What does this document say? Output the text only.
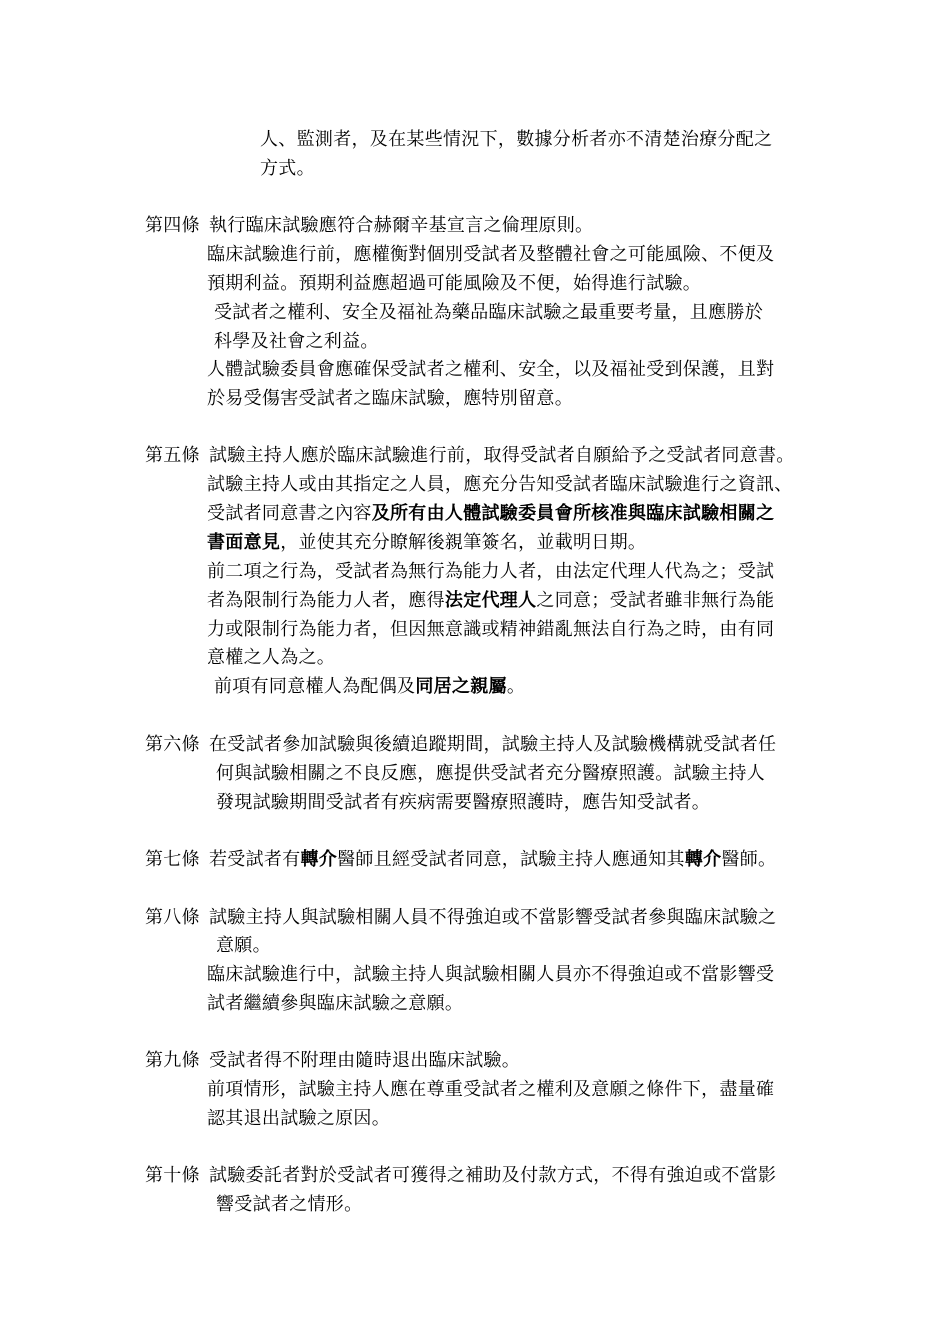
人、監測者，及在某些情況下，數據分析者亦不清楚治療分配之
方式。
第四條 執行臨床試驗應符合赫爾辛基宣言之倫理原則。
臨床試驗進行前，應權衡對個別受試者及整體社會之可能風險、不便及
預期利益。預期利益應超過可能風險及不便，始得進行試驗。
受試者之權利、安全及福祉為藥品臨床試驗之最重要考量，且應勝於
科學及社會之利益。
人體試驗委員會應確保受試者之權利、安全，以及福祉受到保護，且對
於易受傷害受試者之臨床試驗，應特別留意。
第五條 試驗主持人應於臨床試驗進行前，取得受試者自願給予之受試者同意書。
試驗主持人或由其指定之人員，應充分告知受試者臨床試驗進行之資訊、
受試者同意書之內容及所有由人體試驗委員會所核准與臨床試驗相關之
書面意見，並使其充分瞭解後親筆簽名，並載明日期。
前二項之行為，受試者為無行為能力人者，由法定代理人代為之；受試
者為限制行為能力人者，應得法定代理人之同意；受試者雖非無行為能
力或限制行為能力者，但因無意識或精神錯亂無法自行為之時，由有同
意權之人為之。
前項有同意權人為配偶及同居之親屬。
第六條 在受試者參加試驗與後續追蹤期間，試驗主持人及試驗機構就受試者任
何與試驗相關之不良反應，應提供受試者充分醫療照護。試驗主持人
發現試驗期間受試者有疾病需要醫療照護時，應告知受試者。
第七條 若受試者有轉介醫師且經受試者同意，試驗主持人應通知其轉介醫師。
第八條 試驗主持人與試驗相關人員不得強迫或不當影響受試者參與臨床試驗之
意願。
臨床試驗進行中，試驗主持人與試驗相關人員亦不得強迫或不當影響受
試者繼續參與臨床試驗之意願。
第九條 受試者得不附理由隨時退出臨床試驗。
前項情形，試驗主持人應在尊重受試者之權利及意願之條件下，盡量確
認其退出試驗之原因。
第十條 試驗委託者對於受試者可獲得之補助及付款方式，不得有強迫或不當影
響受試者之情形。
